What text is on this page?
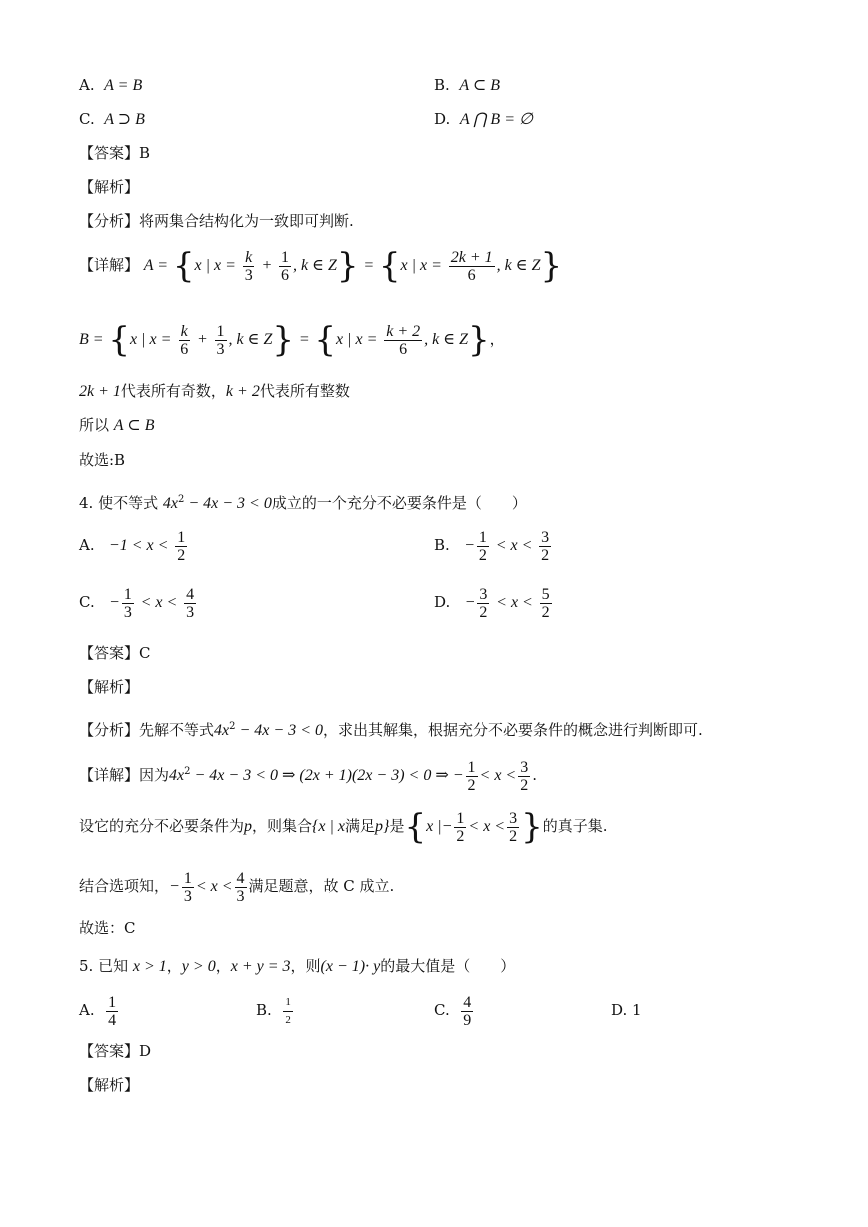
A. A = B	B. A ⊂ B
C. A ⊃ B	D. A ⋂ B = ∅
【答案】B
【解析】
【分析】将两集合结构化为一致即可判断.
【详解】 A = {x | $x = \frac{k}{3} + \frac{1}{6}$ , k ∈ Z} = {x | $x = \frac{2k + 1}{6}$ , k ∈ Z}
B = {x | $x = \frac{k}{6} + \frac{1}{3}$ , k ∈ Z} = {x | $x = \frac{k + 2}{6}$ , k ∈ Z}，
2k + 1代表所有奇数，k + 2代表所有整数
所以 A ⊂ B
故选:B
4. 使不等式 $4x^2 - 4x - 3 < 0$成立的一个充分不必要条件是（　　）
A. $-1 < x < \frac{1}{2}$	B. − $\frac{1}{2} < x < \frac{3}{2}$
C. − $\frac{1}{3} < x < \frac{4}{3}$	D. − $\frac{3}{2} < x < \frac{5}{2}$
【答案】C
【解析】
【分析】先解不等式$4x^2 - 4x - 3 < 0$，求出其解集，根据充分不必要条件的概念进行判断即可.
【详解】因为$4x^2 - 4x - 3 < 0$ ⇒ (2x + 1)(2x − 3) < 0 ⇒ − $\frac{1}{2} < x < \frac{3}{2}$ .
设它的充分不必要条件为p，则集合{x | x满足p}是{x |− $\frac{1}{2} < x < \frac{3}{2}$ }的真子集.
结合选项知，− $\frac{1}{3} < x < \frac{4}{3}$ 满足题意，故 C 成立.
故选：C
5. 已知 x > 1，y > 0，x + y = 3，则(x − 1)· y的最大值是（　　）
A. $\frac{1}{4}$	B. $\frac{1}{2}$	C. $\frac{4}{9}$	D. 1
【答案】D
【解析】
